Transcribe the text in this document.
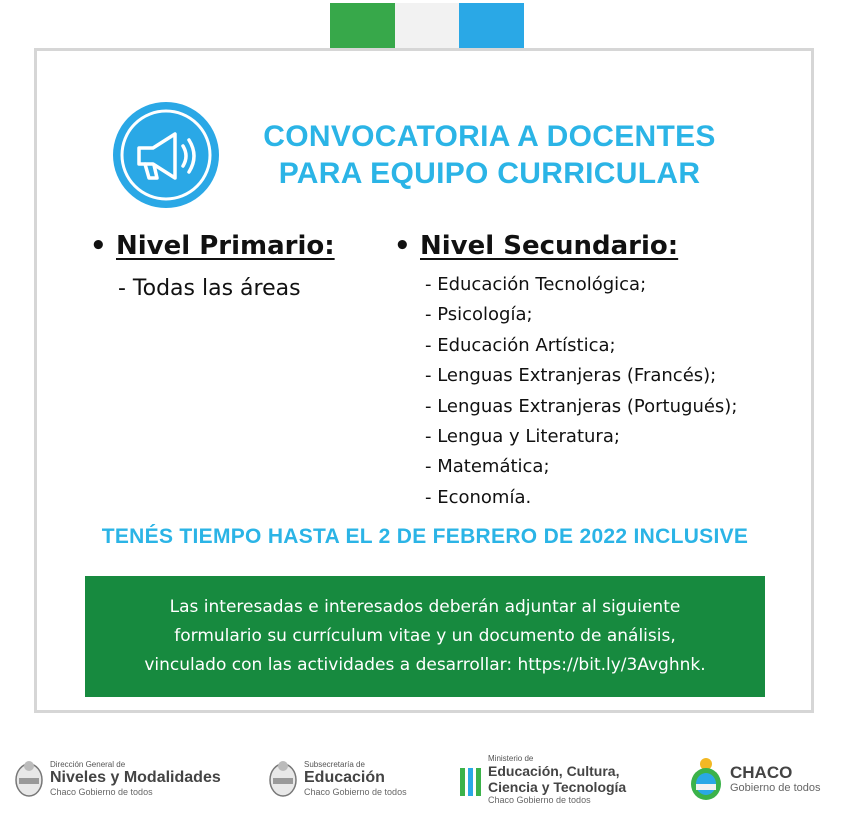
CONVOCATORIA A DOCENTES
PARA EQUIPO CURRICULAR
• Nivel Primario:
- Todas las áreas
• Nivel Secundario:
- Educación Tecnológica;
- Psicología;
- Educación Artística;
- Lenguas Extranjeras (Francés);
- Lenguas Extranjeras (Portugués);
- Lengua y Literatura;
- Matemática;
- Economía.
TENÉS TIEMPO HASTA EL 2 DE FEBRERO DE 2022 INCLUSIVE

Las interesadas e interesados deberán adjuntar al siguiente
formulario su currículum vitae y un documento de análisis,
vinculado con las actividades a desarrollar: https://bit.ly/3Avghnk.

Dirección General de
Niveles y Modalidades
Chaco Gobierno de todos
Subsecretaría de
Educación
Chaco Gobierno de todos
Ministerio de
Educación, Cultura,
Ciencia y Tecnología
Chaco Gobierno de todos
CHACO
Gobierno de todos
